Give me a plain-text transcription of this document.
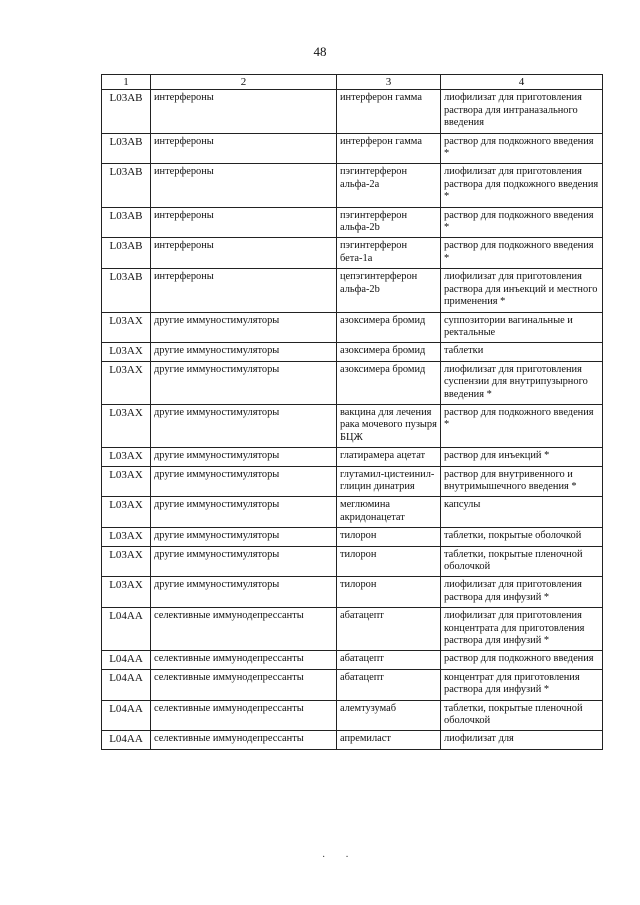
48
1	2	3	4
L03AB	интерфероны	интерферон гамма	лиофилизат для приготовления раствора для интраназального введения
L03AB	интерфероны	интерферон гамма	раствор для подкожного введения *
L03AB	интерфероны	пэгинтерферон альфа-2а	лиофилизат для приготовления раствора для подкожного введения *
L03AB	интерфероны	пэгинтерферон альфа-2b	раствор для подкожного введения *
L03AB	интерфероны	пэгинтерферон бета-1а	раствор для подкожного введения *
L03AB	интерфероны	цепэгинтерферон альфа-2b	лиофилизат для приготовления раствора для инъекций и местного применения *
L03AX	другие иммуностимуляторы	азоксимера бромид	суппозитории вагинальные и ректальные
L03AX	другие иммуностимуляторы	азоксимера бромид	таблетки
L03AX	другие иммуностимуляторы	азоксимера бромид	лиофилизат для приготовления суспензии для внутрипузырного введения *
L03AX	другие иммуностимуляторы	вакцина для лечения рака мочевого пузыря БЦЖ	раствор для подкожного введения *
L03AX	другие иммуностимуляторы	глатирамера ацетат	раствор для инъекций *
L03AX	другие иммуностимуляторы	глутамил-цистеинил-глицин динатрия	раствор для внутривенного и внутримышечного введения *
L03AX	другие иммуностимуляторы	меглюмина акридонацетат	капсулы
L03AX	другие иммуностимуляторы	тилорон	таблетки, покрытые оболочкой
L03AX	другие иммуностимуляторы	тилорон	таблетки, покрытые пленочной оболочкой
L03AX	другие иммуностимуляторы	тилорон	лиофилизат для приготовления раствора для инфузий *
L04AA	селективные иммунодепрессанты	абатацепт	лиофилизат для приготовления концентрата для приготовления раствора для инфузий *
L04AA	селективные иммунодепрессанты	абатацепт	раствор для подкожного введения
L04AA	селективные иммунодепрессанты	абатацепт	концентрат для приготовления раствора для инфузий *
L04AA	селективные иммунодепрессанты	алемтузумаб	таблетки, покрытые пленочной оболочкой
L04AA	селективные иммунодепрессанты	апремиласт	лиофилизат для
·        ·
